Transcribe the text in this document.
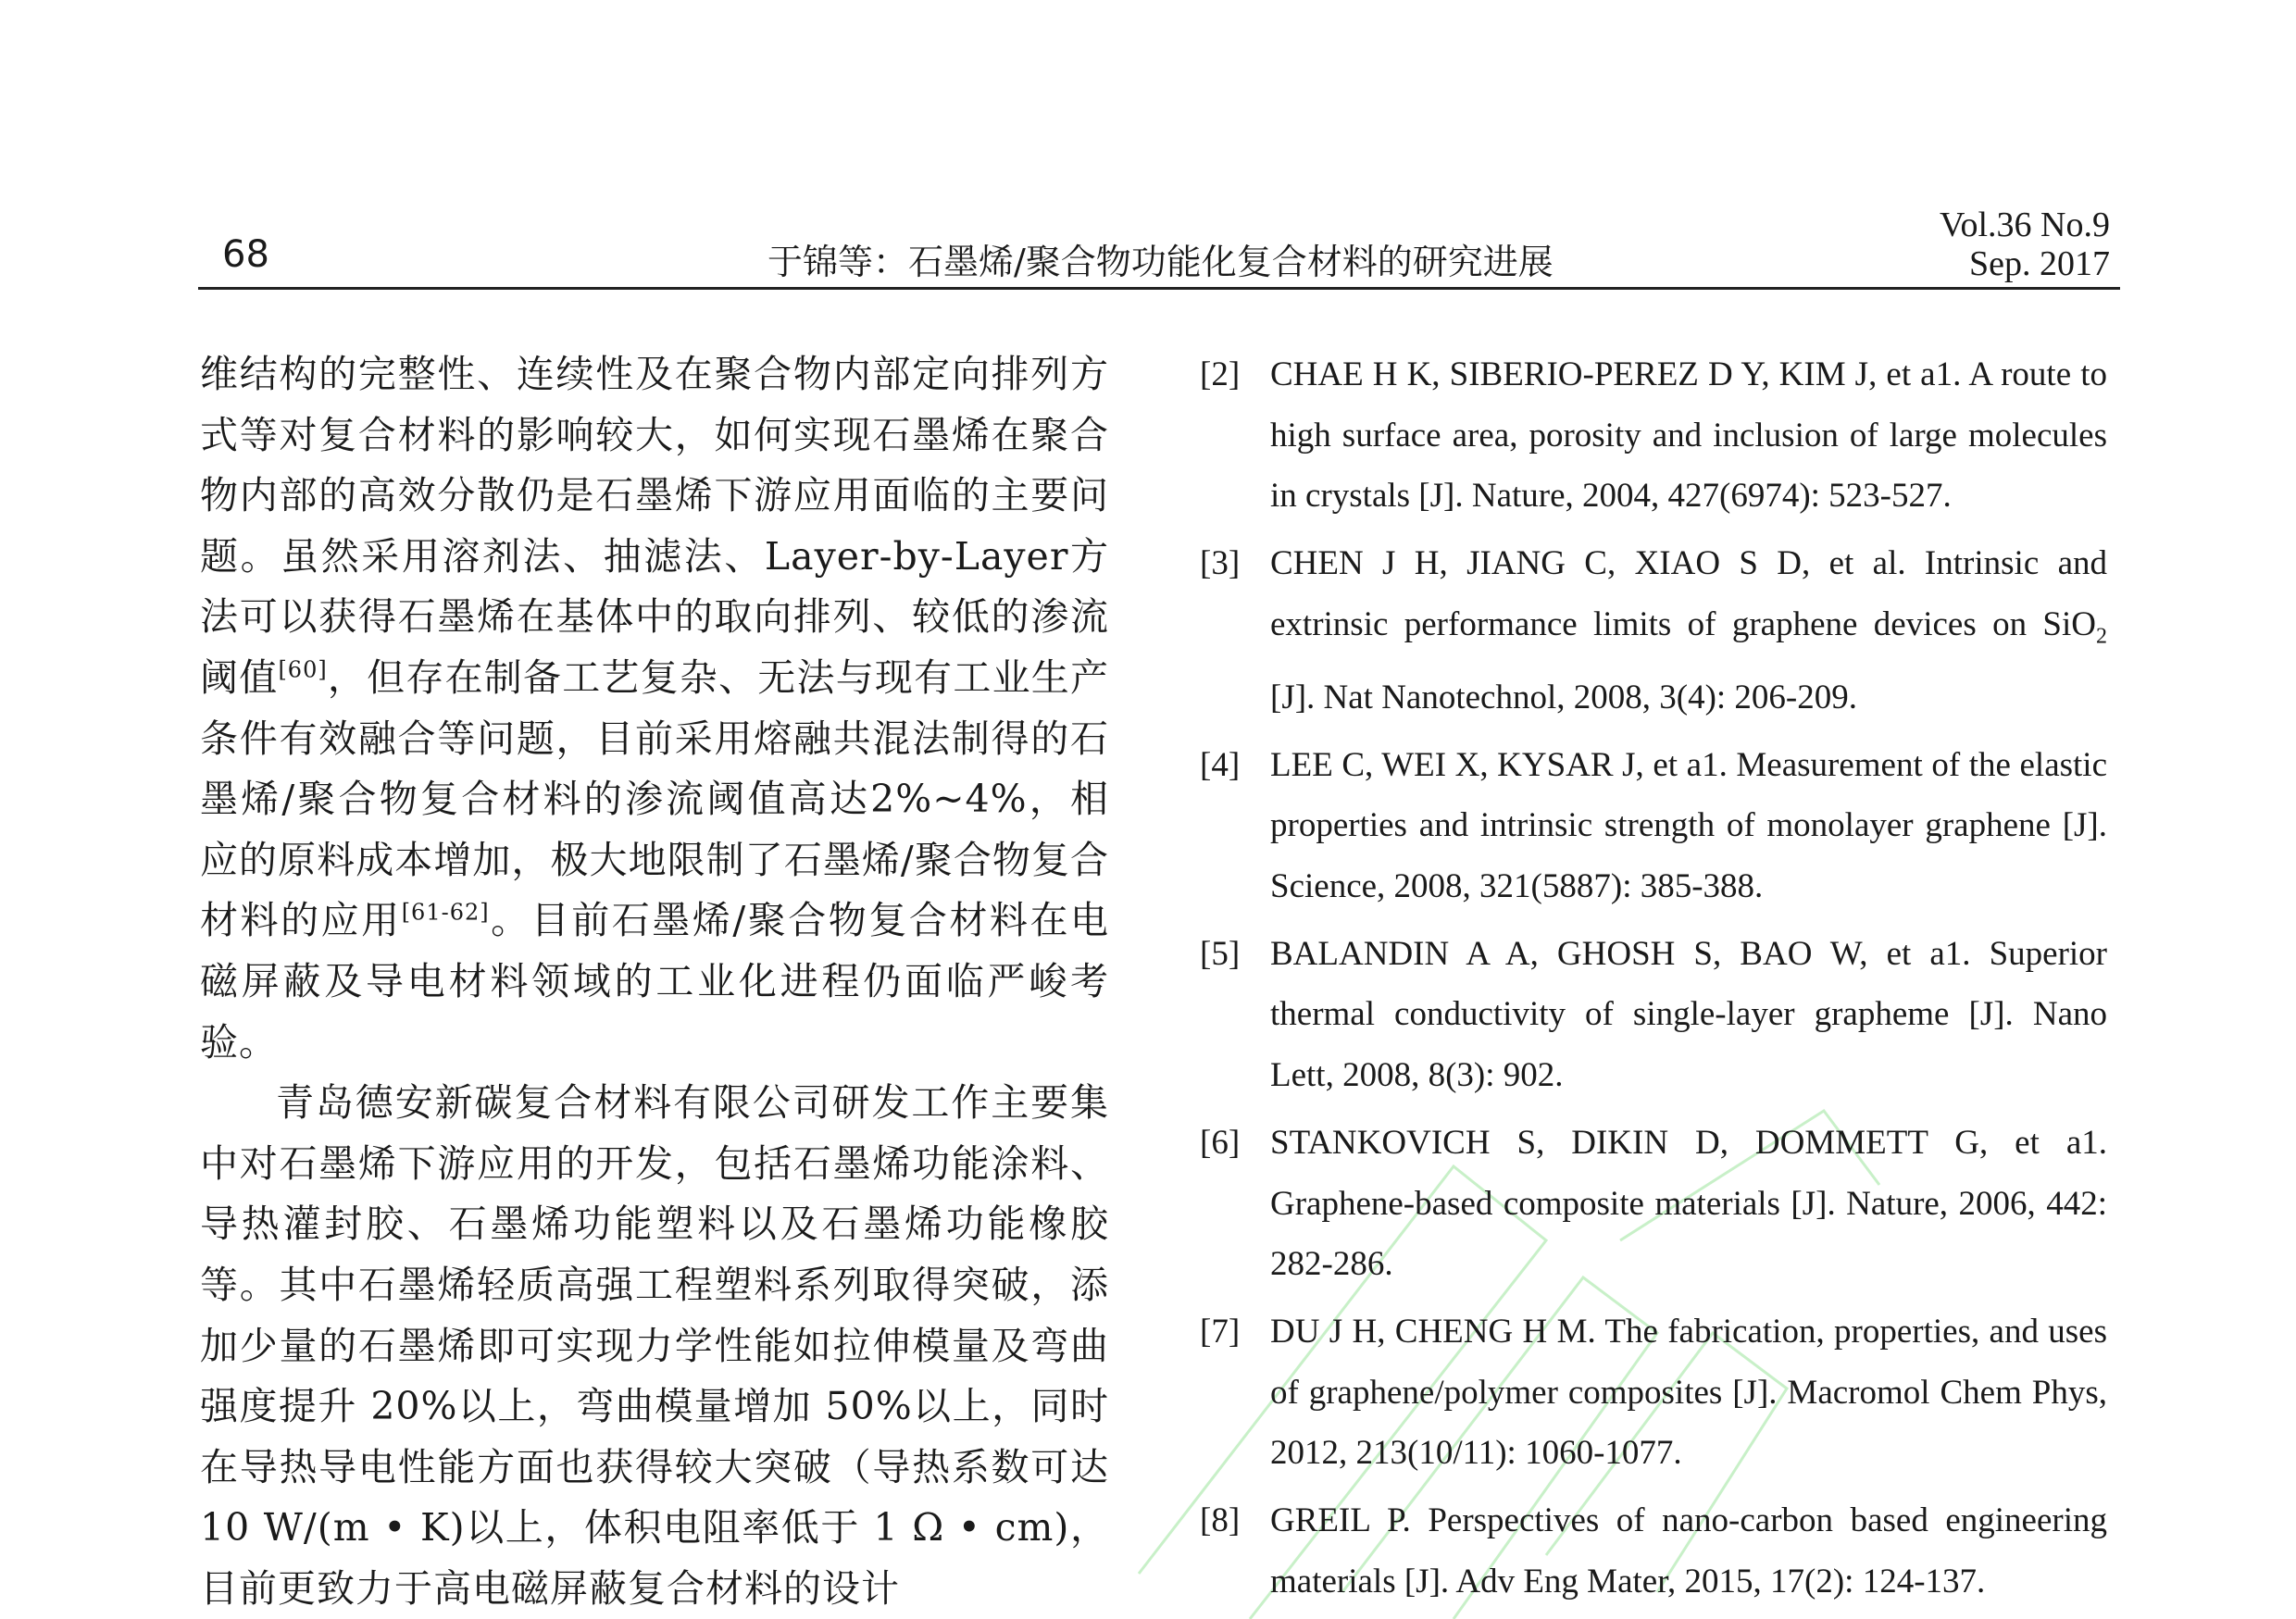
68	于锦等：石墨烯/聚合物功能化复合材料的研究进展
Vol.36 No.9
Sep. 2017

维结构的完整性、连续性及在聚合物内部定向排列方式等对复合材料的影响较大，如何实现石墨烯在聚合物内部的高效分散仍是石墨烯下游应用面临的主要问题。虽然采用溶剂法、抽滤法、Layer-by-Layer方法可以获得石墨烯在基体中的取向排列、较低的渗流阈值[60]，但存在制备工艺复杂、无法与现有工业生产条件有效融合等问题，目前采用熔融共混法制得的石墨烯/聚合物复合材料的渗流阈值高达2%~4%，相应的原料成本增加，极大地限制了石墨烯/聚合物复合材料的应用[61-62]。目前石墨烯/聚合物复合材料在电磁屏蔽及导电材料领域的工业化进程仍面临严峻考验。

青岛德安新碳复合材料有限公司研发工作主要集中对石墨烯下游应用的开发，包括石墨烯功能涂料、导热灌封胶、石墨烯功能塑料以及石墨烯功能橡胶等。其中石墨烯轻质高强工程塑料系列取得突破，添加少量的石墨烯即可实现力学性能如拉伸模量及弯曲强度提升 20%以上，弯曲模量增加 50%以上，同时在导热导电性能方面也获得较大突破（导热系数可达 10 W/(m • K)以上，体积电阻率低于 1 Ω • cm)，目前更致力于高电磁屏蔽复合材料的设计

[2] CHAE H K, SIBERIO-PEREZ D Y, KIM J, et a1. A route to high surface area, porosity and inclusion of large molecules in crystals [J]. Nature, 2004, 427(6974): 523-527.
[3] CHEN J H, JIANG C, XIAO S D, et al. Intrinsic and extrinsic performance limits of graphene devices on SiO$_2$ [J]. Nat Nanotechnol, 2008, 3(4): 206-209.
[4] LEE C, WEI X, KYSAR J, et a1. Measurement of the elastic properties and intrinsic strength of monolayer graphene [J]. Science, 2008, 321(5887): 385-388.
[5] BALANDIN A A, GHOSH S, BAO W, et a1. Superior thermal conductivity of single-layer grapheme [J]. Nano Lett, 2008, 8(3): 902.
[6] STANKOVICH S, DIKIN D, DOMMETT G, et a1. Graphene-based composite materials [J]. Nature, 2006, 442: 282-286.
[7] DU J H, CHENG H M. The fabrication, properties, and uses of graphene/polymer composites [J]. Macromol Chem Phys, 2012, 213(10/11): 1060-1077.
[8] GREIL P. Perspectives of nano-carbon based engineering materials [J]. Adv Eng Mater, 2015, 17(2): 124-137.
